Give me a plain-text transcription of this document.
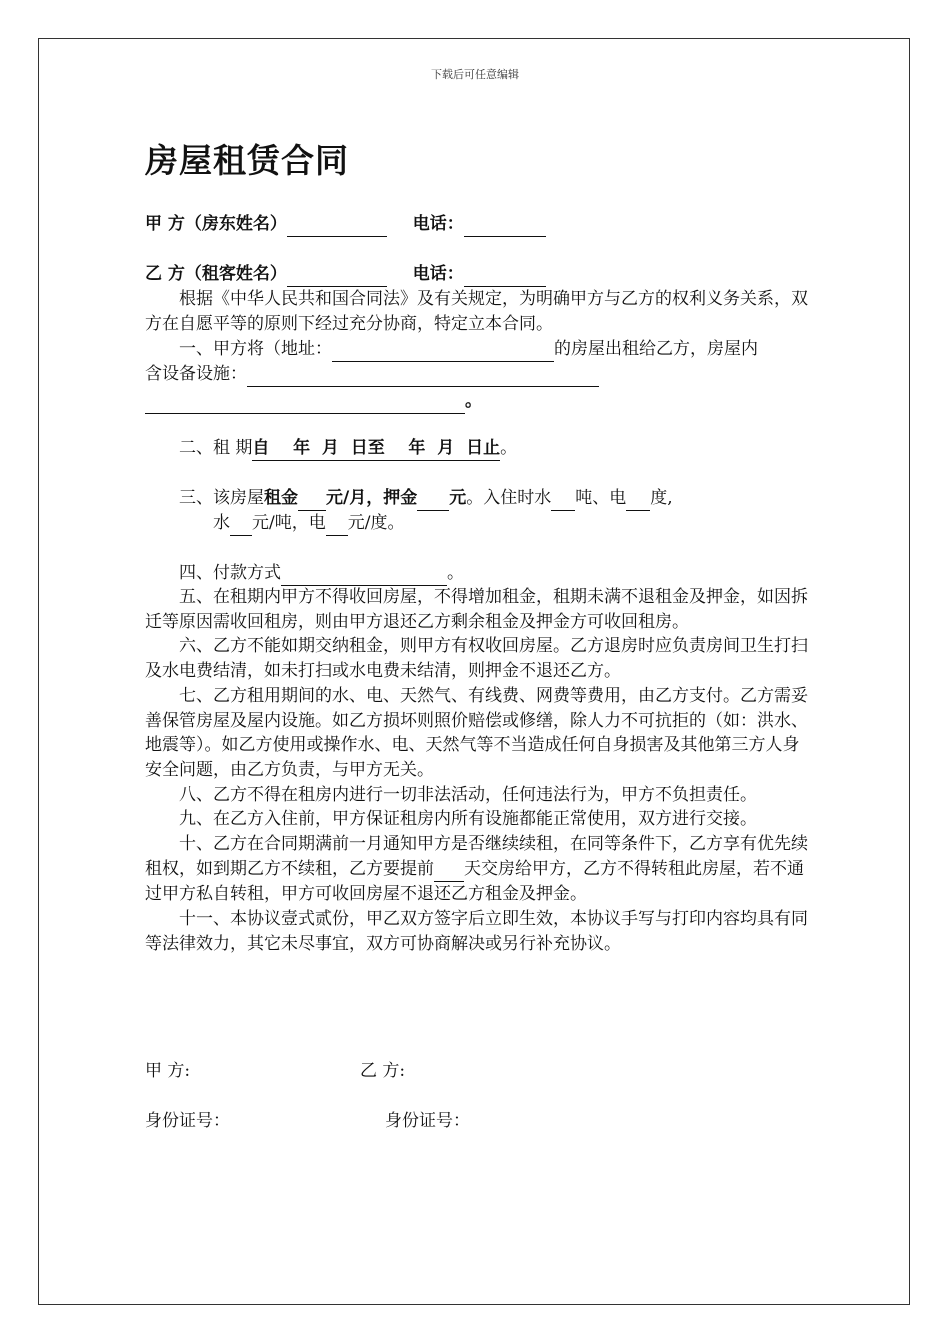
下载后可任意编辑
房屋租赁合同
甲 方（房东姓名）	电话：
乙 方（租客姓名）	电话：

根据《中华人民共和国合同法》及有关规定，为明确甲方与乙方的权利义务关系，双方在自愿平等的原则下经过充分协商，特定立本合同。

一、甲方将（地址：	的房屋出租给乙方，房屋内
含设备设施：
。
二、租 期自    年  月  日至    年  月  日止。
三、该房屋租金 元/月，押金 元。入住时水 吨、电 度,
水 元/吨，电 元/度。
四、付款方式	。

五、在租期内甲方不得收回房屋，不得增加租金，租期未满不退租金及押金，如因拆迁等原因需收回租房，则由甲方退还乙方剩余租金及押金方可收回租房。

六、乙方不能如期交纳租金，则甲方有权收回房屋。乙方退房时应负责房间卫生打扫及水电费结清，如未打扫或水电费未结清，则押金不退还乙方。

七、乙方租用期间的水、电、天然气、有线费、网费等费用，由乙方支付。乙方需妥善保管房屋及屋内设施。如乙方损坏则照价赔偿或修缮，除人力不可抗拒的（如：洪水、地震等）。如乙方使用或操作水、电、天然气等不当造成任何自身损害及其他第三方人身安全问题，由乙方负责，与甲方无关。

八、乙方不得在租房内进行一切非法活动，任何违法行为，甲方不负担责任。

九、在乙方入住前，甲方保证租房内所有设施都能正常使用，双方进行交接。

十、乙方在合同期满前一月通知甲方是否继续续租，在同等条件下，乙方享有优先续租权，如到期乙方不续租，乙方要提前 天交房给甲方，乙方不得转租此房屋，若不通过甲方私自转租，甲方可收回房屋不退还乙方租金及押金。

十一、本协议壹式贰份，甲乙双方签字后立即生效，本协议手写与打印内容均具有同等法律效力，其它未尽事宜，双方可协商解决或另行补充协议。

甲 方:	乙 方:
身份证号：	身份证号：
